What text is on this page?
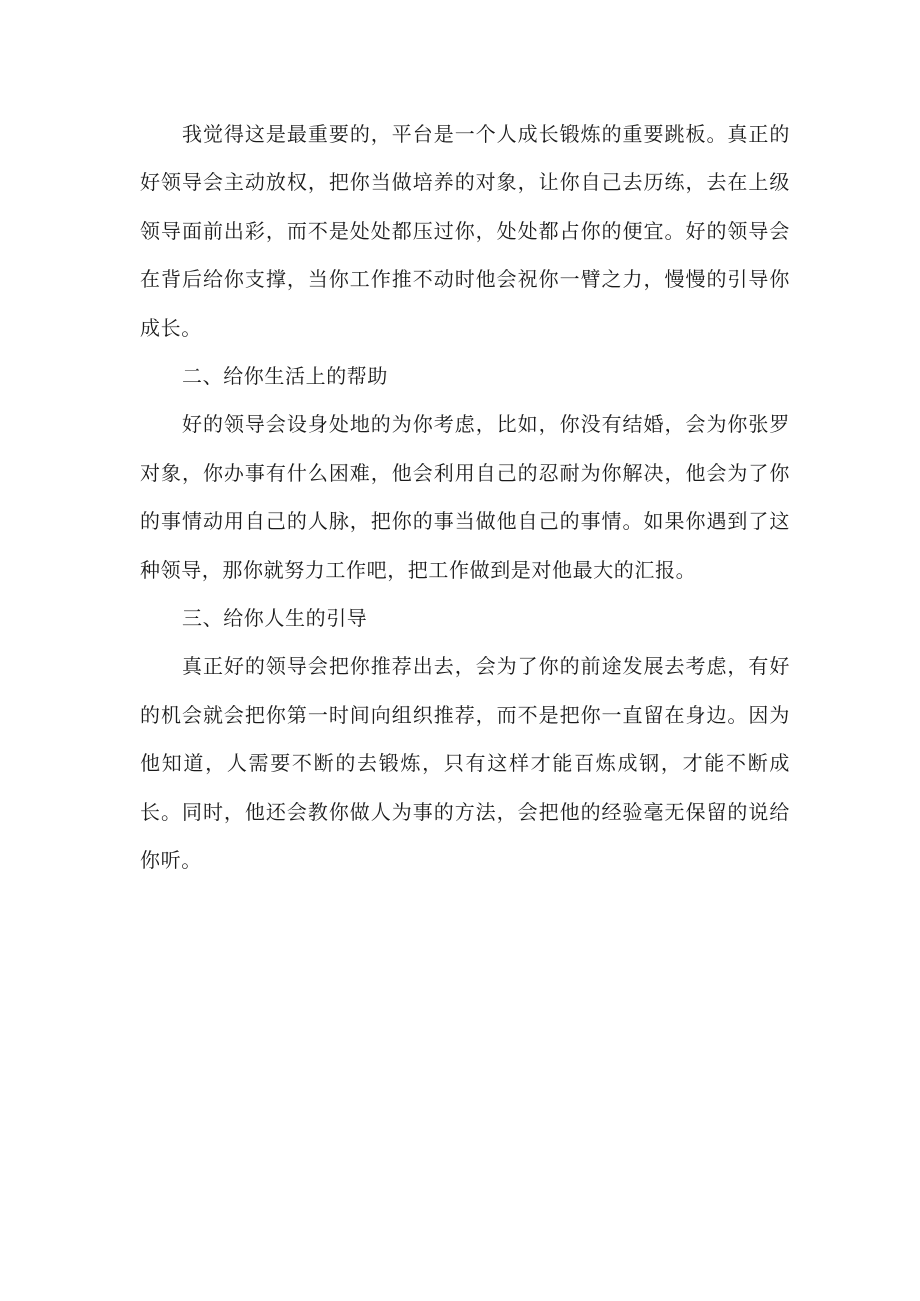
我觉得这是最重要的，平台是一个人成长锻炼的重要跳板。真正的好领导会主动放权，把你当做培养的对象，让你自己去历练，去在上级领导面前出彩，而不是处处都压过你，处处都占你的便宜。好的领导会在背后给你支撑，当你工作推不动时他会祝你一臂之力，慢慢的引导你成长。

二、给你生活上的帮助

好的领导会设身处地的为你考虑，比如，你没有结婚，会为你张罗对象，你办事有什么困难，他会利用自己的忍耐为你解决，他会为了你的事情动用自己的人脉，把你的事当做他自己的事情。如果你遇到了这种领导，那你就努力工作吧，把工作做到是对他最大的汇报。

三、给你人生的引导

真正好的领导会把你推荐出去，会为了你的前途发展去考虑，有好的机会就会把你第一时间向组织推荐，而不是把你一直留在身边。因为他知道，人需要不断的去锻炼，只有这样才能百炼成钢，才能不断成长。同时，他还会教你做人为事的方法，会把他的经验毫无保留的说给你听。
